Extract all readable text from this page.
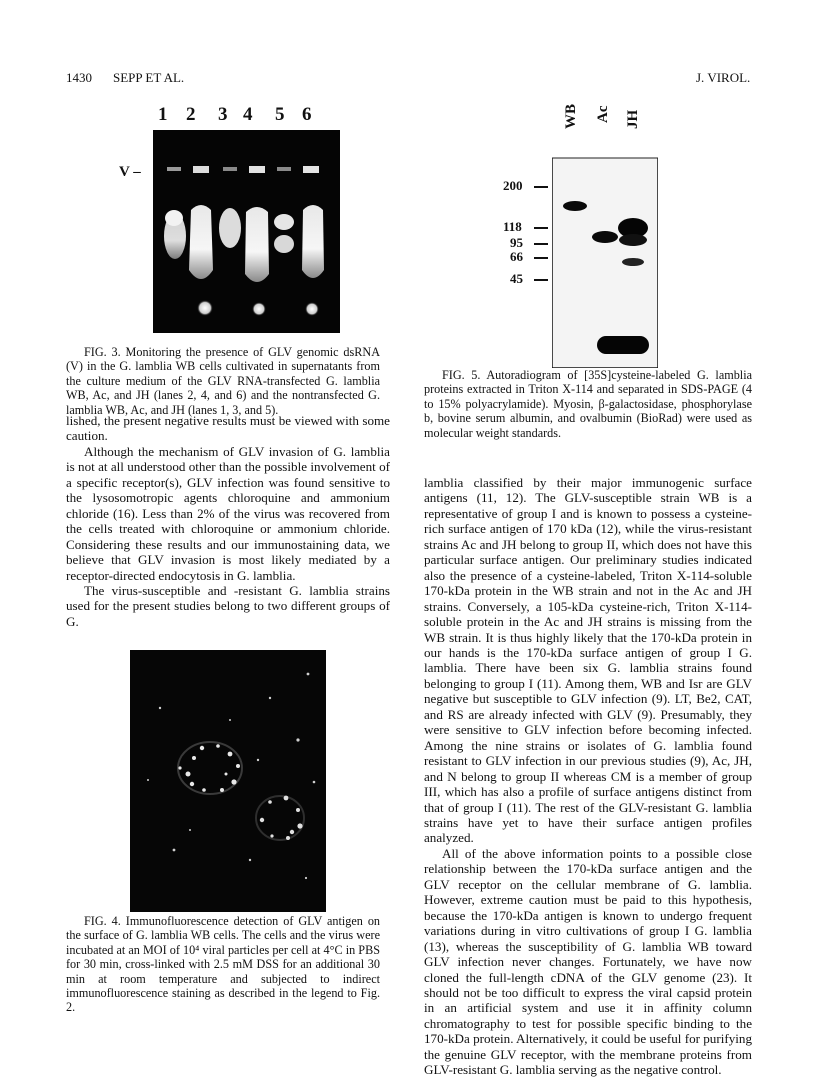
1430 SEPP ET AL.	J. VIROL.
1 2 3 4 5 6
V –
FIG. 3. Monitoring the presence of GLV genomic dsRNA (V) in the G. lamblia WB cells cultivated in supernatants from the culture medium of the GLV RNA-transfected G. lamblia WB, Ac, and JH (lanes 2, 4, and 6) and the nontransfected G. lamblia WB, Ac, and JH (lanes 1, 3, and 5).
WB Ac JH
200
118
95
66
45
FIG. 5. Autoradiogram of [35S]cysteine-labeled G. lamblia proteins extracted in Triton X-114 and separated in SDS-PAGE (4 to 15% polyacrylamide). Myosin, β-galactosidase, phosphorylase b, bovine serum albumin, and ovalbumin (BioRad) were used as molecular weight standards.

lished, the present negative results must be viewed with some caution.

Although the mechanism of GLV invasion of G. lamblia is not at all understood other than the possible involvement of a specific receptor(s), GLV infection was found sensitive to the lysosomotropic agents chloroquine and ammonium chloride (16). Less than 2% of the virus was recovered from the cells treated with chloroquine or ammonium chloride. Considering these results and our immunostaining data, we believe that GLV invasion is most likely mediated by a receptor-directed endocytosis in G. lamblia.

The virus-susceptible and -resistant G. lamblia strains used for the present studies belong to two different groups of G.

FIG. 4. Immunofluorescence detection of GLV antigen on the surface of G. lamblia WB cells. The cells and the virus were incubated at an MOI of 10⁴ viral particles per cell at 4°C in PBS for 30 min, cross-linked with 2.5 mM DSS for an additional 30 min at room temperature and subjected to indirect immunofluorescence staining as described in the legend to Fig. 2.

lamblia classified by their major immunogenic surface antigens (11, 12). The GLV-susceptible strain WB is a representative of group I and is known to possess a cysteine-rich surface antigen of 170 kDa (12), while the virus-resistant strains Ac and JH belong to group II, which does not have this particular surface antigen. Our preliminary studies indicated also the presence of a cysteine-labeled, Triton X-114-soluble 170-kDa protein in the WB strain and not in the Ac and JH strains. Conversely, a 105-kDa cysteine-rich, Triton X-114-soluble protein in the Ac and JH strains is missing from the WB strain. It is thus highly likely that the 170-kDa protein in our hands is the 170-kDa surface antigen of group I G. lamblia. There have been six G. lamblia strains found belonging to group I (11). Among them, WB and Isr are GLV negative but susceptible to GLV infection (9). LT, Be2, CAT, and RS are already infected with GLV (9). Presumably, they were sensitive to GLV infection before becoming infected. Among the nine strains or isolates of G. lamblia found resistant to GLV infection in our previous studies (9), Ac, JH, and N belong to group II whereas CM is a member of group III, which has also a profile of surface antigens distinct from that of group I (11). The rest of the GLV-resistant G. lamblia strains have yet to have their surface antigen profiles analyzed.

All of the above information points to a possible close relationship between the 170-kDa surface antigen and the GLV receptor on the cellular membrane of G. lamblia. However, extreme caution must be paid to this hypothesis, because the 170-kDa antigen is known to undergo frequent variations during in vitro cultivations of group I G. lamblia (13), whereas the susceptibility of G. lamblia WB toward GLV infection never changes. Fortunately, we have now cloned the full-length cDNA of the GLV genome (23). It should not be too difficult to express the viral capsid protein in an artificial system and use it in affinity column chromatography to test for possible specific binding to the 170-kDa protein. Alternatively, it could be useful for purifying the genuine GLV receptor, with the membrane proteins from GLV-resistant G. lamblia serving as the negative control.
